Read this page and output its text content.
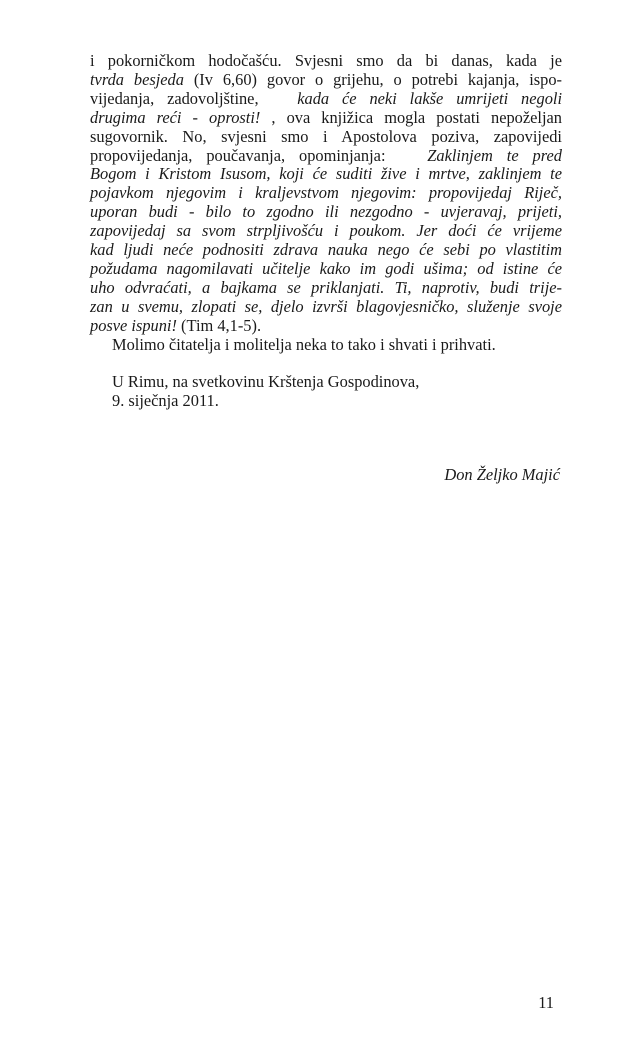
i pokorničkom hodočašću. Svjesni smo da bi danas, kada je
tvrda besjeda (Iv 6,60) govor o grijehu, o potrebi kajanja, ispo-
vijedanja, zadovoljštine,   kada će neki lakše umrijeti negoli
drugima reći - oprosti! , ova knjižica mogla postati nepoželjan
sugovornik. No, svjesni smo i Apostolova poziva, zapovijedi
propovijedanja, poučavanja, opominjanja:   Zaklinjem te pred
Bogom i Kristom Isusom, koji će suditi žive i mrtve, zaklinjem te
pojavkom njegovim i kraljevstvom njegovim: propovijedaj Riječ,
uporan budi - bilo to zgodno ili nezgodno - uvjeravaj, prijeti,
zapovijedaj sa svom strpljivošću i poukom. Jer doći će vrijeme
kad ljudi neće podnositi zdrava nauka nego će sebi po vlastitim
požudama nagomilavati učitelje kako im godi ušima; od istine će
uho odvraćati, a bajkama se priklanjati. Ti, naprotiv, budi trije-
zan u svemu, zlopati se, djelo izvrši blagovjesničko, služenje svoje
posve ispuni! (Tim 4,1-5).
Molimo čitatelja i molitelja neka to tako i shvati i prihvati.
U Rimu, na svetkovinu Krštenja Gospodinova,
9. siječnja 2011.
Don Željko Majić
11
